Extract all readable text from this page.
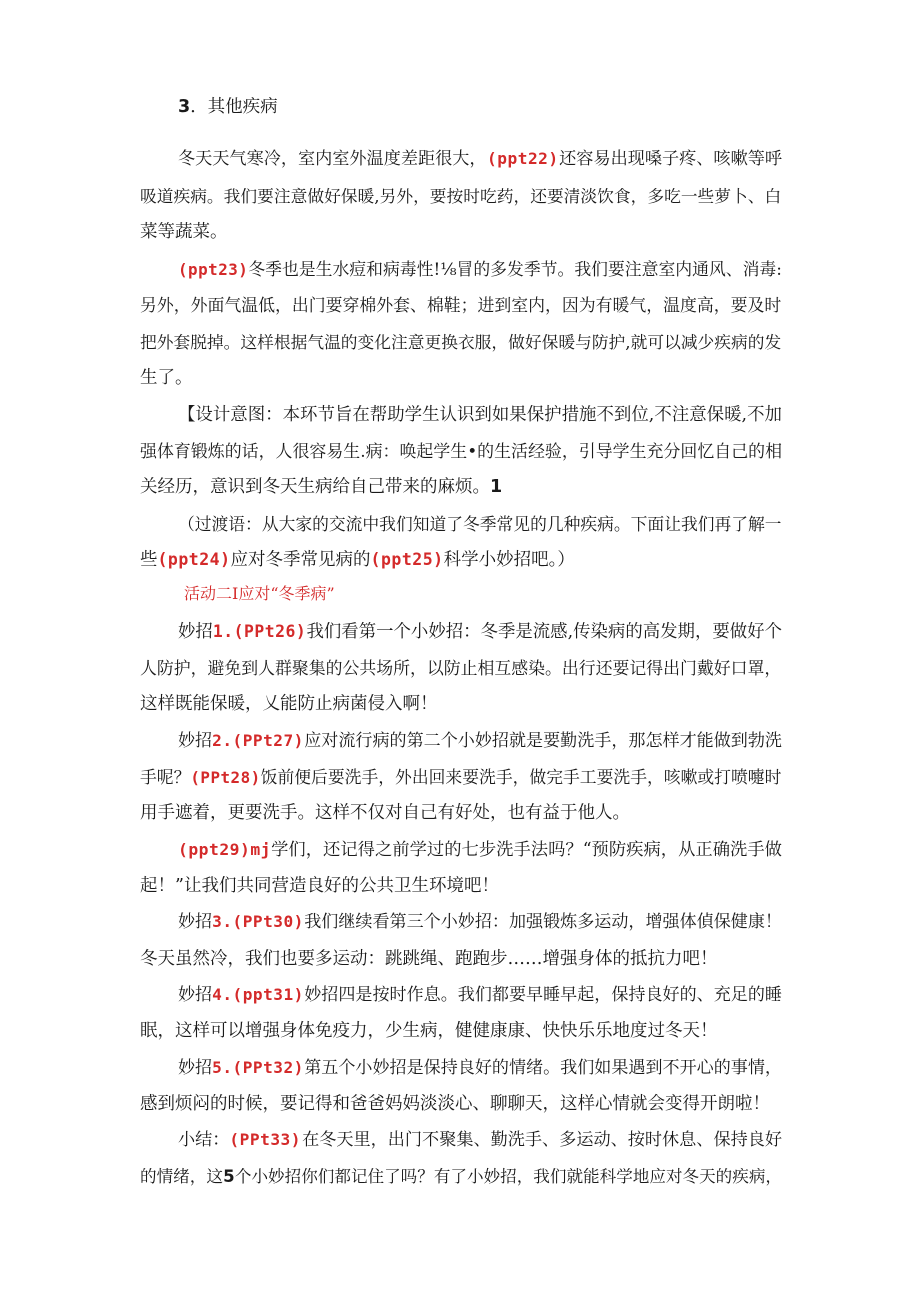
3．其他疾病
冬天天气寒冷，室内室外温度差距很大， (ppt22) 还容易出现嗓子疼、咳嗽等呼
吸道疾病。我们要注意做好保暖,另外，要按时吃药，还要清淡饮食，多吃一些萝卜、白
菜等蔬菜。
(ppt23)冬季也是生水痘和病毒性!⅛冒的多发季节。我们要注意室内通风、消毒:
另外，外面气温低，出门要穿棉外套、棉鞋；进到室内，因为有暖气，温度高，要及时
把外套脱掉。这样根据气温的变化注意更换衣服，做好保暖与防护,就可以减少疾病的发
生了。
【设计意图：本环节旨在帮助学生认识到如果保护措施不到位,不注意保暖,不加
强体育锻炼的话，人很容易生.病：唤起学生•的生活经验，引导学生充分回忆自己的相
关经历，意识到冬天生病给自己带来的麻烦。1
（过渡语：从大家的交流中我们知道了冬季常见的几种疾病。下面让我们再了解一
些(ppt24)应对冬季常见病的(ppt25)科学小妙招吧。）
活动二I应对“冬季病”
妙招1.(PPt26) 我们看第一个小妙招：冬季是流感,传染病的高发期，要做好个
人防护，避免到人群聚集的公共场所，以防止相互感染。出行还要记得出门戴好口罩，
这样既能保暖，乂能防止病菌侵入啊！
妙招2.(PPt27) 应对流行病的第二个小妙招就是要勤洗手，那怎样才能做到勃洗
手呢？(PPt28)饭前便后要洗手，外出回来要洗手，做完手工要洗手，咳嗽或打喷嚏时
用手遮着，更要洗手。这样不仅对自己有好处，也有益于他人。
(ppt29)mj 学们，还记得之前学过的七步洗手法吗？“预防疾病，从正确洗手做
起！”让我们共同营造良好的公共卫生环境吧！
妙招3.(PPt30) 我们继续看第三个小妙招：加强锻炼多运动，增强体偵保健康！
冬天虽然冷，我们也要多运动：跳跳绳、跑跑步……增强身体的抵抗力吧！
妙招4.(ppt31) 妙招四是按时作息。我们都要早睡早起，保持良好的、充足的睡
眠，这样可以增强身体免疫力，少生病，健健康康、快快乐乐地度过冬天！
妙招5.(PPt32) 第五个小妙招是保持良好的情绪。我们如果遇到不开心的事情，
感到烦闷的时候，要记得和爸爸妈妈淡淡心、聊聊天，这样心情就会变得开朗啦！
小结：(PPt33) 在冬天里，出门不聚集、勤洗手、多运动、按时休息、保持良好
的情绪，这 5 个小妙招你们都记住了吗？有了小妙招，我们就能科学地应对冬天的疾病，
